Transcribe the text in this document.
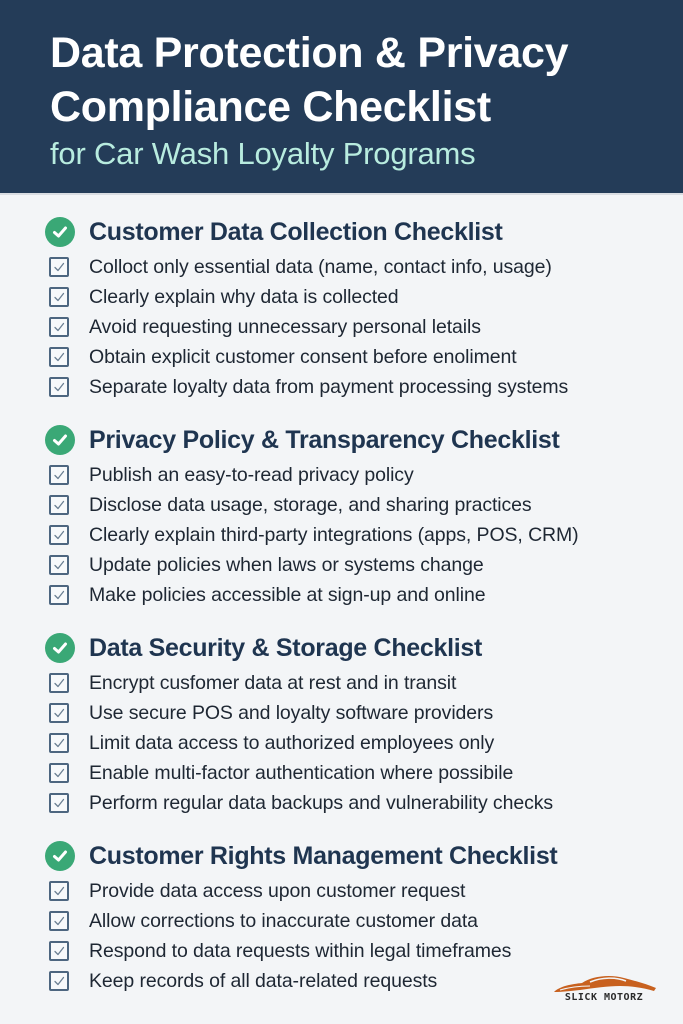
Data Protection & Privacy
Compliance Checklist
for Car Wash Loyalty Programs
Customer Data Collection Checklist
Colloct only essential data (name, contact info, usage)
Clearly explain why data is collected
Avoid requesting unnecessary personal letails
Obtain explicit customer consent before enoliment
Separate loyalty data from payment processing systems
Privacy Policy & Transparency Checklist
Publish an easy-to-read privacy policy
Disclose data usage, storage, and sharing practices
Clearly explain third-party integrations (apps, POS, CRM)
Update policies when laws or systems change
Make policies accessible at sign-up and online
Data Security & Storage Checklist
Encrypt cusfomer data at rest and in transit
Use secure POS and loyalty software providers
Limit data access to authorized employees only
Enable multi-factor authentication where possibile
Perform regular data backups and vulnerability checks
Customer Rights Management Checklist
Provide data access upon customer request
Allow corrections to inaccurate customer data
Respond to data requests within legal timeframes
Keep records of all data-related requests
SLICK MOTORZ
